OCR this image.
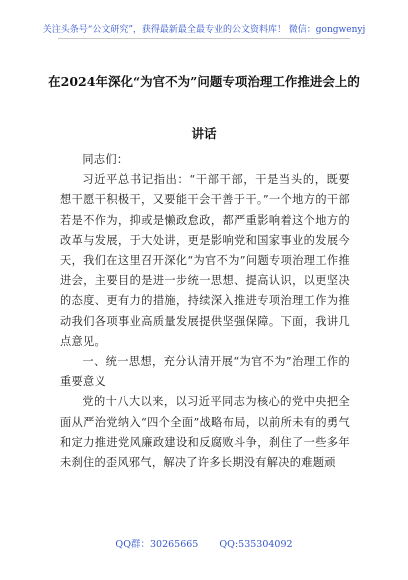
关注头条号“公文研究”，获得最新最全最专业的公文资料库！ 微信：gongwenyj
在2024年深化“为官不为”问题专项治理工作推进会上的
讲话

同志们：

习近平总书记指出：“干部干部，干是当头的，既要想干愿干积极干，又要能干会干善于干。”一个地方的干部若是不作为，抑或是懒政怠政，都严重影响着这个地方的改革与发展，于大处讲，更是影响党和国家事业的发展今天，我们在这里召开深化“为官不为”问题专项治理工作推进会，主要目的是进一步统一思想、提高认识，以更坚决的态度、更有力的措施，持续深入推进专项治理工作为推动我们各项事业高质量发展提供坚强保障。下面，我讲几点意见。

一、统一思想，充分认清开展“为官不为”治理工作的重要意义

党的十八大以来，以习近平同志为核心的党中央把全面从严治党纳入“四个全面”战略布局，以前所未有的勇气和定力推进党风廉政建设和反腐败斗争，刹住了一些多年未刹住的歪风邪气，解决了许多长期没有解决的难题顽

QQ群：30265665 QQ:535304092
